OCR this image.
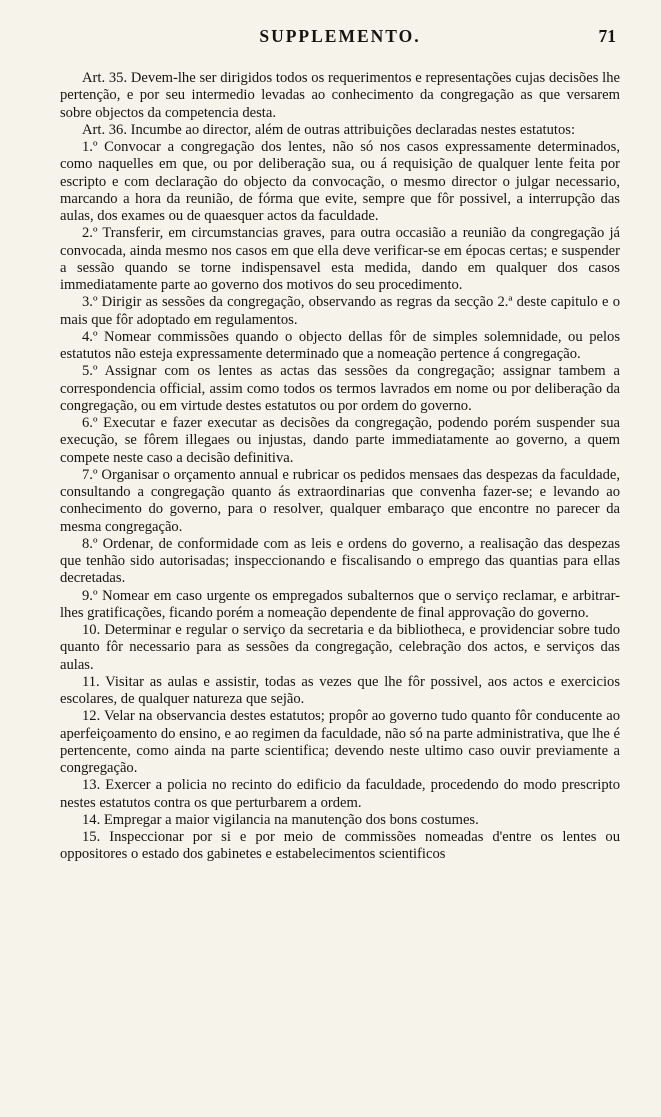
SUPPLEMENTO.	71

Art. 35. Devem-lhe ser dirigidos todos os requerimentos e representações cujas decisões lhe pertenção, e por seu intermedio levadas ao conhecimento da congregação as que versarem sobre objectos da competencia desta.

Art. 36. Incumbe ao director, além de outras attribuições declaradas nestes estatutos:

1.º Convocar a congregação dos lentes, não só nos casos expressamente determinados, como naquelles em que, ou por deliberação sua, ou á requisição de qualquer lente feita por escripto e com declaração do objecto da convocação, o mesmo director o julgar necessario, marcando a hora da reunião, de fórma que evite, sempre que fôr possivel, a interrupção das aulas, dos exames ou de quaesquer actos da faculdade.

2.º Transferir, em circumstancias graves, para outra occasião a reunião da congregação já convocada, ainda mesmo nos casos em que ella deve verificar-se em épocas certas; e suspender a sessão quando se torne indispensavel esta medida, dando em qualquer dos casos immediatamente parte ao governo dos motivos do seu procedimento.

3.º Dirigir as sessões da congregação, observando as regras da secção 2.ª deste capitulo e o mais que fôr adoptado em regulamentos.

4.º Nomear commissões quando o objecto dellas fôr de simples solemnidade, ou pelos estatutos não esteja expressamente determinado que a nomeação pertence á congregação.

5.º Assignar com os lentes as actas das sessões da congregação; assignar tambem a correspondencia official, assim como todos os termos lavrados em nome ou por deliberação da congregação, ou em virtude destes estatutos ou por ordem do governo.

6.º Executar e fazer executar as decisões da congregação, podendo porém suspender sua execução, se fôrem illegaes ou injustas, dando parte immediatamente ao governo, a quem compete neste caso a decisão definitiva.

7.º Organisar o orçamento annual e rubricar os pedidos mensaes das despezas da faculdade, consultando a congregação quanto ás extraordinarias que convenha fazer-se; e levando ao conhecimento do governo, para o resolver, qualquer embaraço que encontre no parecer da mesma congregação.

8.º Ordenar, de conformidade com as leis e ordens do governo, a realisação das despezas que tenhão sido autorisadas; inspeccionando e fiscalisando o emprego das quantias para ellas decretadas.

9.º Nomear em caso urgente os empregados subalternos que o serviço reclamar, e arbitrar-lhes gratificações, ficando porém a nomeação dependente de final approvação do governo.

10. Determinar e regular o serviço da secretaria e da bibliotheca, e providenciar sobre tudo quanto fôr necessario para as sessões da congregação, celebração dos actos, e serviços das aulas.

11. Visitar as aulas e assistir, todas as vezes que lhe fôr possivel, aos actos e exercicios escolares, de qualquer natureza que sejão.

12. Velar na observancia destes estatutos; propôr ao governo tudo quanto fôr conducente ao aperfeiçoamento do ensino, e ao regimen da faculdade, não só na parte administrativa, que lhe é pertencente, como ainda na parte scientifica; devendo neste ultimo caso ouvir previamente a congregação.

13. Exercer a policia no recinto do edificio da faculdade, procedendo do modo prescripto nestes estatutos contra os que perturbarem a ordem.

14. Empregar a maior vigilancia na manutenção dos bons costumes.

15. Inspeccionar por si e por meio de commissões nomeadas d'entre os lentes ou oppositores o estado dos gabinetes e estabelecimentos scientificos
